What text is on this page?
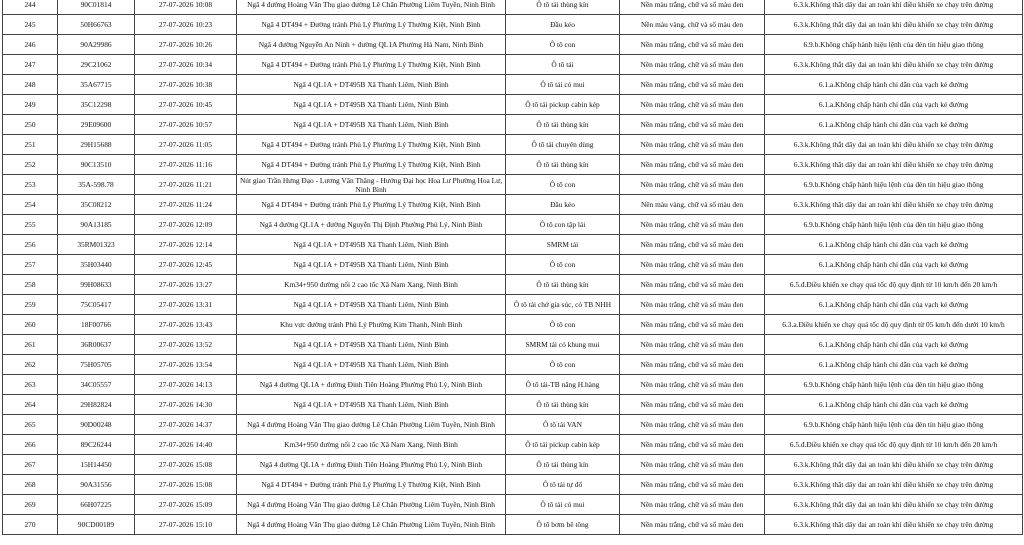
244	90C01814	27-07-2026 10:08	Ngã 4 đường Hoàng Văn Thụ giao đường Lê Chân Phường Liêm Tuyền, Ninh Bình	Ô tô tải thùng kín	Nền màu trắng, chữ và số màu đen	6.3.k.Không thắt dây đai an toàn khi điều khiển xe chạy trên đường
245	50H66763	27-07-2026 10:23	Ngã 4 DT494 + Đường tránh Phủ Lý Phường Lý Thường Kiệt, Ninh Bình	Đầu kéo	Nền màu vàng, chữ và số màu đen	6.3.k.Không thắt dây đai an toàn khi điều khiển xe chạy trên đường
246	90A29986	27-07-2026 10:26	Ngã 4 đường Nguyễn An Ninh + đường QL1A Phường Hà Nam, Ninh Bình	Ô tô con	Nền màu trắng, chữ và số màu đen	6.9.b.Không chấp hành hiệu lệnh của đèn tín hiệu giao thông
247	29C21062	27-07-2026 10:34	Ngã 4 DT494 + Đường tránh Phủ Lý Phường Lý Thường Kiệt, Ninh Bình	Ô tô tải	Nền màu trắng, chữ và số màu đen	6.3.k.Không thắt dây đai an toàn khi điều khiển xe chạy trên đường
248	35A67715	27-07-2026 10:38	Ngã 4 QL1A + DT495B Xã Thanh Liêm, Ninh Bình	Ô tô tải có mui	Nền màu trắng, chữ và số màu đen	6.1.a.Không chấp hành chỉ dẫn của vạch kẻ đường
249	35C12298	27-07-2026 10:45	Ngã 4 QL1A + DT495B Xã Thanh Liêm, Ninh Bình	Ô tô tải pickup cabin kép	Nền màu trắng, chữ và số màu đen	6.1.a.Không chấp hành chỉ dẫn của vạch kẻ đường
250	29E09600	27-07-2026 10:57	Ngã 4 QL1A + DT495B Xã Thanh Liêm, Ninh Bình	Ô tô tải thùng kín	Nền màu trắng, chữ và số màu đen	6.1.a.Không chấp hành chỉ dẫn của vạch kẻ đường
251	29H15688	27-07-2026 11:05	Ngã 4 DT494 + Đường tránh Phủ Lý Phường Lý Thường Kiệt, Ninh Bình	Ô tô tải chuyên dùng	Nền màu trắng, chữ và số màu đen	6.3.k.Không thắt dây đai an toàn khi điều khiển xe chạy trên đường
252	90C13510	27-07-2026 11:16	Ngã 4 DT494 + Đường tránh Phủ Lý Phường Lý Thường Kiệt, Ninh Bình	Ô tô tải thùng kín	Nền màu trắng, chữ và số màu đen	6.3.k.Không thắt dây đai an toàn khi điều khiển xe chạy trên đường
253	35A-598.78	27-07-2026 11:21	Nút giao Trần Hưng Đạo - Lương Văn Thăng - Hướng Đại học Hoa Lư Phường Hoa Lư, Ninh Bình	Ô tô con	Nền màu trắng, chữ và số màu đen	6.9.b.Không chấp hành hiệu lệnh của đèn tín hiệu giao thông
254	35C08212	27-07-2026 11:24	Ngã 4 DT494 + Đường tránh Phủ Lý Phường Lý Thường Kiệt, Ninh Bình	Đầu kéo	Nền màu vàng, chữ và số màu đen	6.3.k.Không thắt dây đai an toàn khi điều khiển xe chạy trên đường
255	90A13185	27-07-2026 12:09	Ngã 4 đường QL1A + đường Nguyễn Thị Định Phường Phủ Lý, Ninh Bình	Ô tô con tập lái	Nền màu trắng, chữ và số màu đen	6.9.b.Không chấp hành hiệu lệnh của đèn tín hiệu giao thông
256	35RM01323	27-07-2026 12:14	Ngã 4 QL1A + DT495B Xã Thanh Liêm, Ninh Bình	SMRM tải	Nền màu trắng, chữ và số màu đen	6.1.a.Không chấp hành chỉ dẫn của vạch kẻ đường
257	35H03440	27-07-2026 12:45	Ngã 4 QL1A + DT495B Xã Thanh Liêm, Ninh Bình	Ô tô con	Nền màu trắng, chữ và số màu đen	6.1.a.Không chấp hành chỉ dẫn của vạch kẻ đường
258	99H08633	27-07-2026 13:27	Km34+950 đường nối 2 cao tốc Xã Nam Xang, Ninh Bình	Ô tô tải thùng kín	Nền màu trắng, chữ và số màu đen	6.5.đ.Điều khiển xe chạy quá tốc độ quy định từ 10 km/h đến 20 km/h
259	75C05417	27-07-2026 13:31	Ngã 4 QL1A + DT495B Xã Thanh Liêm, Ninh Bình	Ô tô tải chở gia súc, có TB NHH	Nền màu trắng, chữ và số màu đen	6.1.a.Không chấp hành chỉ dẫn của vạch kẻ đường
260	18F00766	27-07-2026 13:43	Khu vực đường tránh Phủ Lý Phường Kim Thanh, Ninh Bình	Ô tô con	Nền màu trắng, chữ và số màu đen	6.3.a.Điều khiển xe chạy quá tốc độ quy định từ 05 km/h đến dưới 10 km/h
261	36R00637	27-07-2026 13:52	Ngã 4 QL1A + DT495B Xã Thanh Liêm, Ninh Bình	SMRM tải có khung mui	Nền màu trắng, chữ và số màu đen	6.1.a.Không chấp hành chỉ dẫn của vạch kẻ đường
262	75H05705	27-07-2026 13:54	Ngã 4 QL1A + DT495B Xã Thanh Liêm, Ninh Bình	Ô tô con	Nền màu trắng, chữ và số màu đen	6.1.a.Không chấp hành chỉ dẫn của vạch kẻ đường
263	34C05557	27-07-2026 14:13	Ngã 4 đường QL1A + đường Đinh Tiên Hoàng Phường Phủ Lý, Ninh Bình	Ô tô tải-TB nâng H.hàng	Nền màu trắng, chữ và số màu đen	6.9.b.Không chấp hành hiệu lệnh của đèn tín hiệu giao thông
264	29H82824	27-07-2026 14:30	Ngã 4 QL1A + DT495B Xã Thanh Liêm, Ninh Bình	Ô tô tải thùng kín	Nền màu trắng, chữ và số màu đen	6.1.a.Không chấp hành chỉ dẫn của vạch kẻ đường
265	90D00248	27-07-2026 14:37	Ngã 4 đường Hoàng Văn Thụ giao đường Lê Chân Phường Liêm Tuyền, Ninh Bình	Ô tô tải VAN	Nền màu trắng, chữ và số màu đen	6.9.b.Không chấp hành hiệu lệnh của đèn tín hiệu giao thông
266	89C26244	27-07-2026 14:40	Km34+950 đường nối 2 cao tốc Xã Nam Xang, Ninh Bình	Ô tô tải pickup cabin kép	Nền màu trắng, chữ và số màu đen	6.5.đ.Điều khiển xe chạy quá tốc độ quy định từ 10 km/h đến 20 km/h
267	15H14450	27-07-2026 15:08	Ngã 4 đường QL1A + đường Đinh Tiên Hoàng Phường Phủ Lý, Ninh Bình	Ô tô tải thùng kín	Nền màu trắng, chữ và số màu đen	6.3.k.Không thắt dây đai an toàn khi điều khiển xe chạy trên đường
268	90A31556	27-07-2026 15:08	Ngã 4 DT494 + Đường tránh Phủ Lý Phường Lý Thường Kiệt, Ninh Bình	Ô tô tải tự đổ	Nền màu trắng, chữ và số màu đen	6.3.k.Không thắt dây đai an toàn khi điều khiển xe chạy trên đường
269	66H07225	27-07-2026 15:09	Ngã 4 đường Hoàng Văn Thụ giao đường Lê Chân Phường Liêm Tuyền, Ninh Bình	Ô tô tải có mui	Nền màu trắng, chữ và số màu đen	6.3.k.Không thắt dây đai an toàn khi điều khiển xe chạy trên đường
270	90CD00189	27-07-2026 15:10	Ngã 4 đường Hoàng Văn Thụ giao đường Lê Chân Phường Liêm Tuyền, Ninh Bình	Ô tô bơm bê tông	Nền màu trắng, chữ và số màu đen	6.3.k.Không thắt dây đai an toàn khi điều khiển xe chạy trên đường
